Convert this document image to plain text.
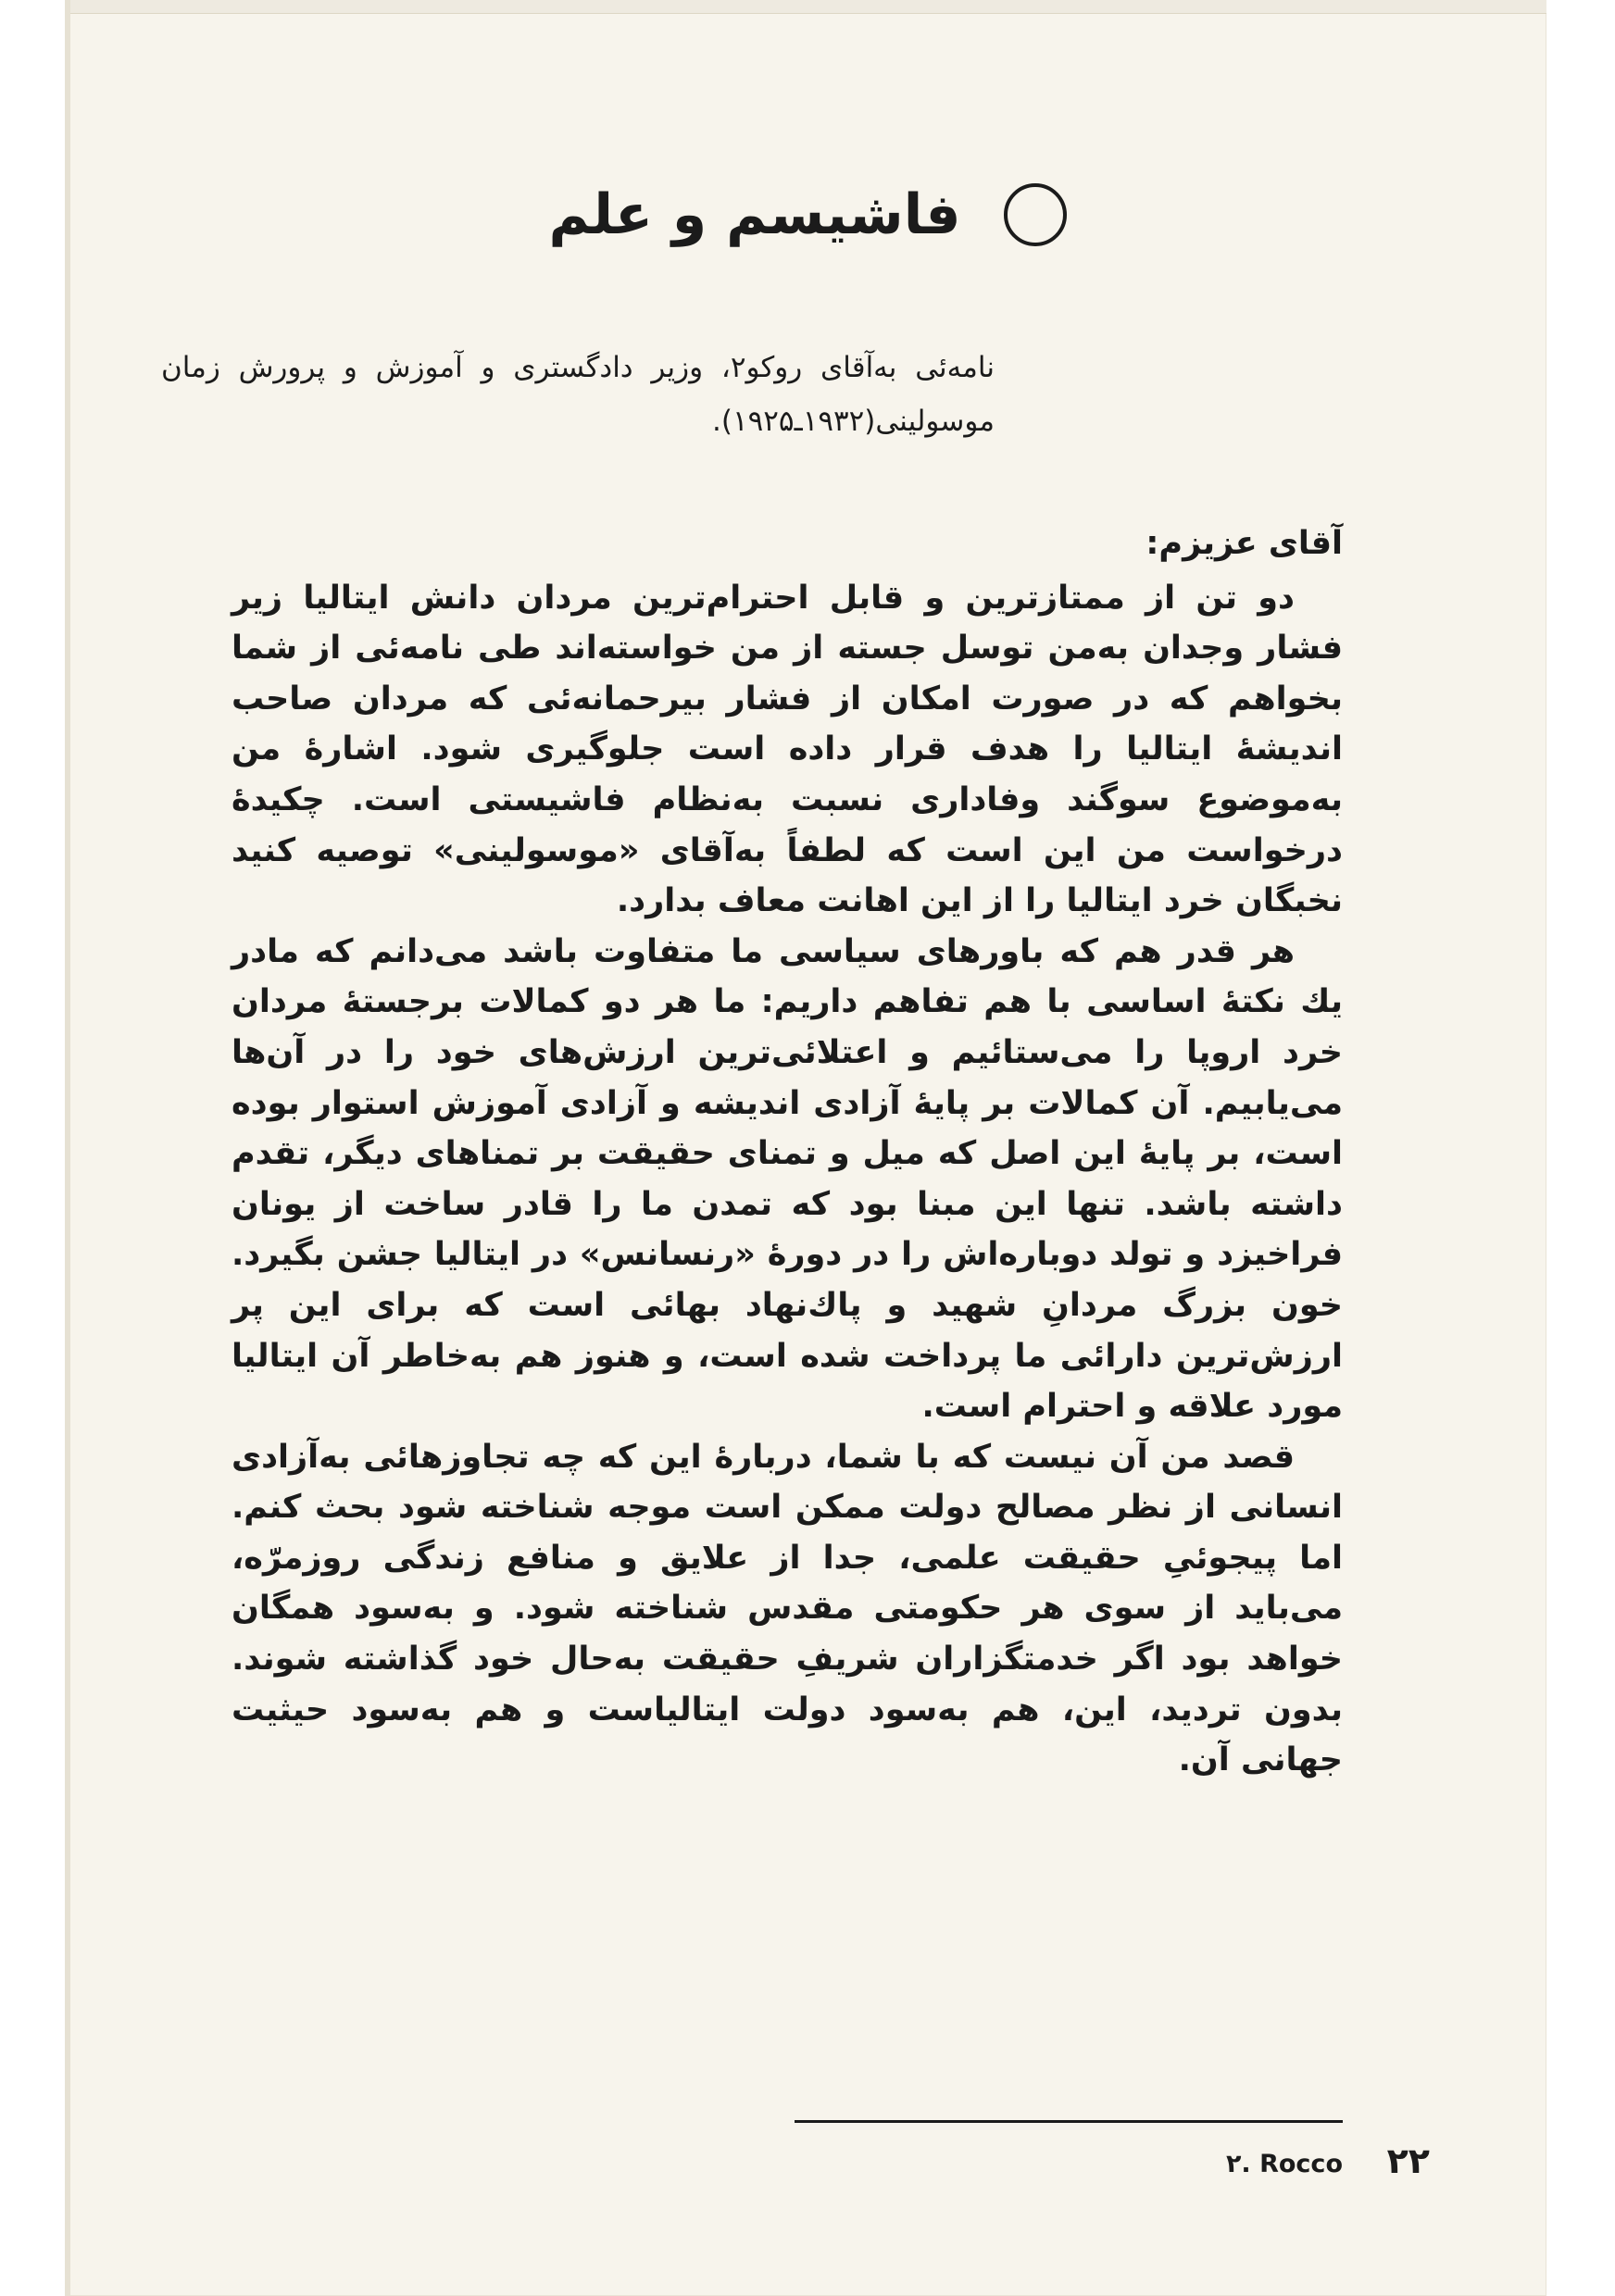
فاشیسم و علم
نامه‌ئی به‌آقای روکو۲، وزیر دادگستری و آموزش و پرورش زمان موسولینی(۱۹۳۲ـ۱۹۲۵).

آقای عزیزم:

دو تن از ممتازترین و قابل احترام‌ترین مردان دانش ایتالیا زیر فشار وجدان به‌من توسل جسته از من خواسته‌اند طی نامه‌ئی از شما بخواهم که در صورت امکان از فشار بیرحمانه‌ئی که مردان صاحب اندیشهٔ ایتالیا را هدف قرار داده است جلوگیری شود. اشارهٔ من به‌موضوع سوگند وفاداری نسبت به‌نظام فاشیستی است. چکیدهٔ درخواست من این است که لطفاً به‌آقای «موسولینی» توصیه کنید نخبگان خرد ایتالیا را از این اهانت معاف بدارد.

هر قدر هم که باورهای سیاسی ما متفاوت باشد می‌دانم که مادر یك نکتهٔ اساسی با هم تفاهم داریم: ما هر دو کمالات برجستهٔ مردان خرد اروپا را می‌ستائیم و اعتلائی‌ترین ارزش‌های خود را در آن‌ها می‌یابیم. آن کمالات بر پایهٔ آزادی اندیشه و آزادی آموزش استوار بوده است، بر پایهٔ این اصل که میل و تمنای حقیقت بر تمناهای دیگر، تقدم داشته باشد. تنها این مبنا بود که تمدن ما را قادر ساخت از یونان فراخیزد و تولد دوباره‌اش را در دورهٔ «رنسانس» در ایتالیا جشن بگیرد. خون بزرگ مردانِ شهید و پاك‌نهاد بهائی است که برای این پر ارزش‌ترین دارائی ما پرداخت شده است، و هنوز هم به‌خاطر آن ایتالیا مورد علاقه و احترام است.

قصد من آن نیست که با شما، دربارهٔ این که چه تجاوزهائی به‌آزادی انسانی از نظر مصالح دولت ممکن است موجه شناخته شود بحث کنم. اما پیجوئیِ حقیقت علمی، جدا از علایق و منافع زندگی روزمرّه، می‌باید از سوی هر حکومتی مقدس شناخته شود. و به‌سود همگان خواهد بود اگر خدمتگزاران شریفِ حقیقت به‌حال خود گذاشته شوند. بدون تردید، این، هم به‌سود دولت ایتالیاست و هم به‌سود حیثیت جهانی آن.

۲. Rocco ۲۲
